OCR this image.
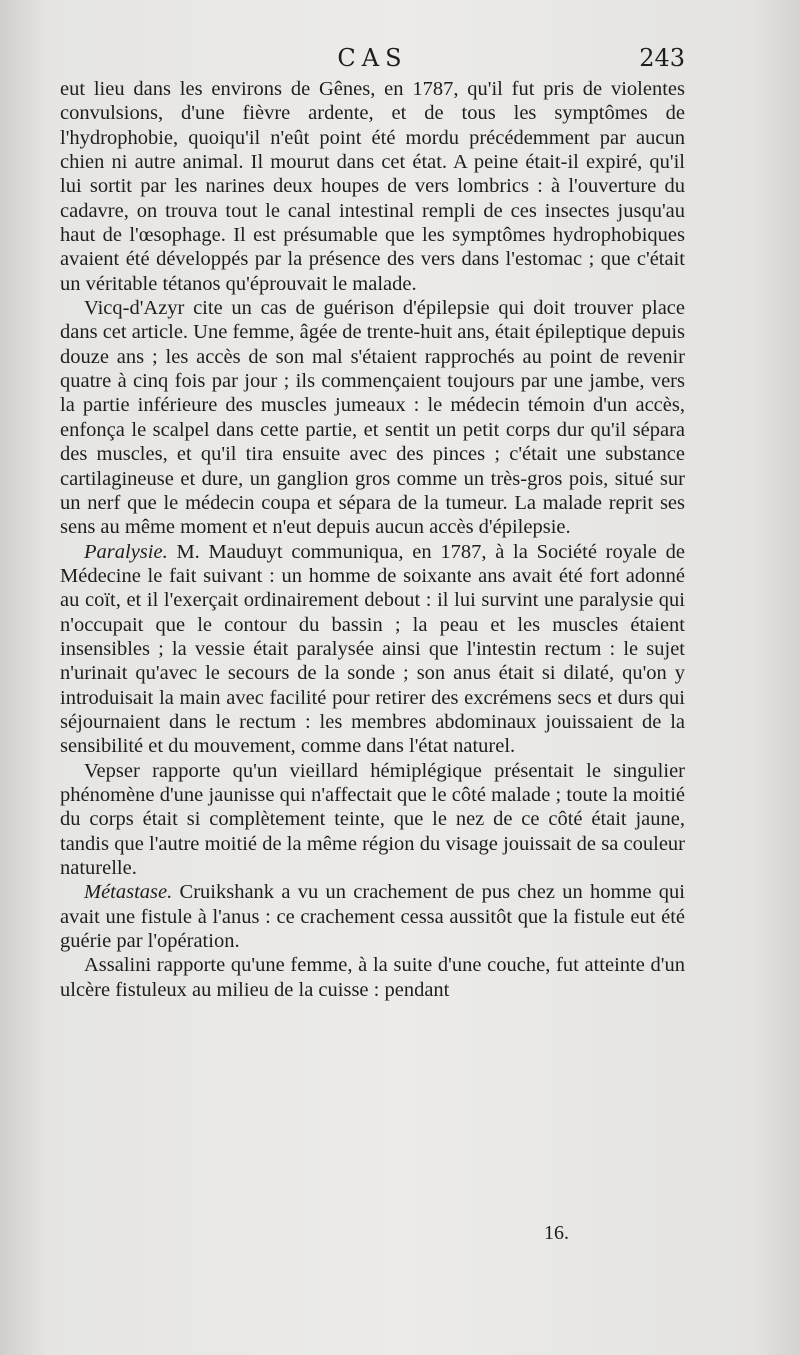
CAS	243

eut lieu dans les environs de Gênes, en 1787, qu'il fut pris de violentes convulsions, d'une fièvre ardente, et de tous les symptômes de l'hydrophobie, quoiqu'il n'eût point été mordu précédemment par aucun chien ni autre animal. Il mourut dans cet état. A peine était-il expiré, qu'il lui sortit par les narines deux houpes de vers lombrics : à l'ouverture du cadavre, on trouva tout le canal intestinal rempli de ces insectes jusqu'au haut de l'œsophage. Il est présumable que les symptômes hydrophobiques avaient été développés par la présence des vers dans l'estomac ; que c'était un véritable tétanos qu'éprouvait le malade.

Vicq-d'Azyr cite un cas de guérison d'épilepsie qui doit trouver place dans cet article. Une femme, âgée de trente-huit ans, était épileptique depuis douze ans ; les accès de son mal s'étaient rapprochés au point de revenir quatre à cinq fois par jour ; ils commençaient toujours par une jambe, vers la partie inférieure des muscles jumeaux : le médecin témoin d'un accès, enfonça le scalpel dans cette partie, et sentit un petit corps dur qu'il sépara des muscles, et qu'il tira ensuite avec des pinces ; c'était une substance cartilagineuse et dure, un ganglion gros comme un très-gros pois, situé sur un nerf que le médecin coupa et sépara de la tumeur. La malade reprit ses sens au même moment et n'eut depuis aucun accès d'épilepsie.

Paralysie. M. Mauduyt communiqua, en 1787, à la Société royale de Médecine le fait suivant : un homme de soixante ans avait été fort adonné au coït, et il l'exerçait ordinairement debout : il lui survint une paralysie qui n'occupait que le contour du bassin ; la peau et les muscles étaient insensibles ; la vessie était paralysée ainsi que l'intestin rectum : le sujet n'urinait qu'avec le secours de la sonde ; son anus était si dilaté, qu'on y introduisait la main avec facilité pour retirer des excrémens secs et durs qui séjournaient dans le rectum : les membres abdominaux jouissaient de la sensibilité et du mouvement, comme dans l'état naturel.

Vepser rapporte qu'un vieillard hémiplégique présentait le singulier phénomène d'une jaunisse qui n'affectait que le côté malade ; toute la moitié du corps était si complètement teinte, que le nez de ce côté était jaune, tandis que l'autre moitié de la même région du visage jouissait de sa couleur naturelle.

Métastase. Cruikshank a vu un crachement de pus chez un homme qui avait une fistule à l'anus : ce crachement cessa aussitôt que la fistule eut été guérie par l'opération.

Assalini rapporte qu'une femme, à la suite d'une couche, fut atteinte d'un ulcère fistuleux au milieu de la cuisse : pendant

16.
